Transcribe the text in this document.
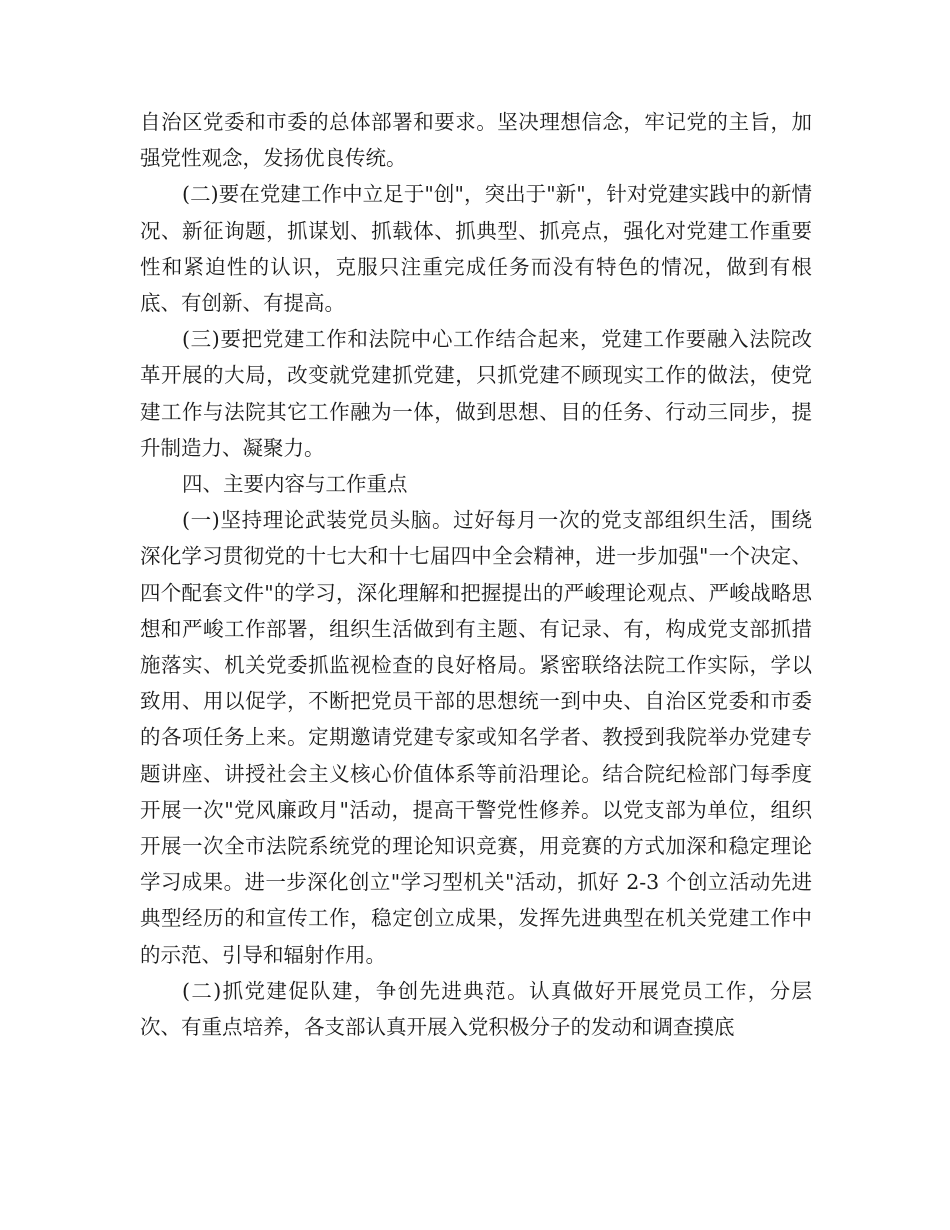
自治区党委和市委的总体部署和要求。坚决理想信念，牢记党的主旨，加强党性观念，发扬优良传统。

(二)要在党建工作中立足于"创"，突出于"新"，针对党建实践中的新情况、新征询题，抓谋划、抓载体、抓典型、抓亮点，强化对党建工作重要性和紧迫性的认识，克服只注重完成任务而没有特色的情况，做到有根底、有创新、有提高。

(三)要把党建工作和法院中心工作结合起来，党建工作要融入法院改革开展的大局，改变就党建抓党建，只抓党建不顾现实工作的做法，使党建工作与法院其它工作融为一体，做到思想、目的任务、行动三同步，提升制造力、凝聚力。

四、主要内容与工作重点

(一)坚持理论武装党员头脑。过好每月一次的党支部组织生活，围绕深化学习贯彻党的十七大和十七届四中全会精神，进一步加强"一个决定、四个配套文件"的学习，深化理解和把握提出的严峻理论观点、严峻战略思想和严峻工作部署，组织生活做到有主题、有记录、有，构成党支部抓措施落实、机关党委抓监视检查的良好格局。紧密联络法院工作实际，学以致用、用以促学，不断把党员干部的思想统一到中央、自治区党委和市委的各项任务上来。定期邀请党建专家或知名学者、教授到我院举办党建专题讲座、讲授社会主义核心价值体系等前沿理论。结合院纪检部门每季度开展一次"党风廉政月"活动，提高干警党性修养。以党支部为单位，组织开展一次全市法院系统党的理论知识竞赛，用竞赛的方式加深和稳定理论学习成果。进一步深化创立"学习型机关"活动，抓好 2-3 个创立活动先进典型经历的和宣传工作，稳定创立成果，发挥先进典型在机关党建工作中的示范、引导和辐射作用。

(二)抓党建促队建，争创先进典范。认真做好开展党员工作，分层次、有重点培养，各支部认真开展入党积极分子的发动和调查摸底
